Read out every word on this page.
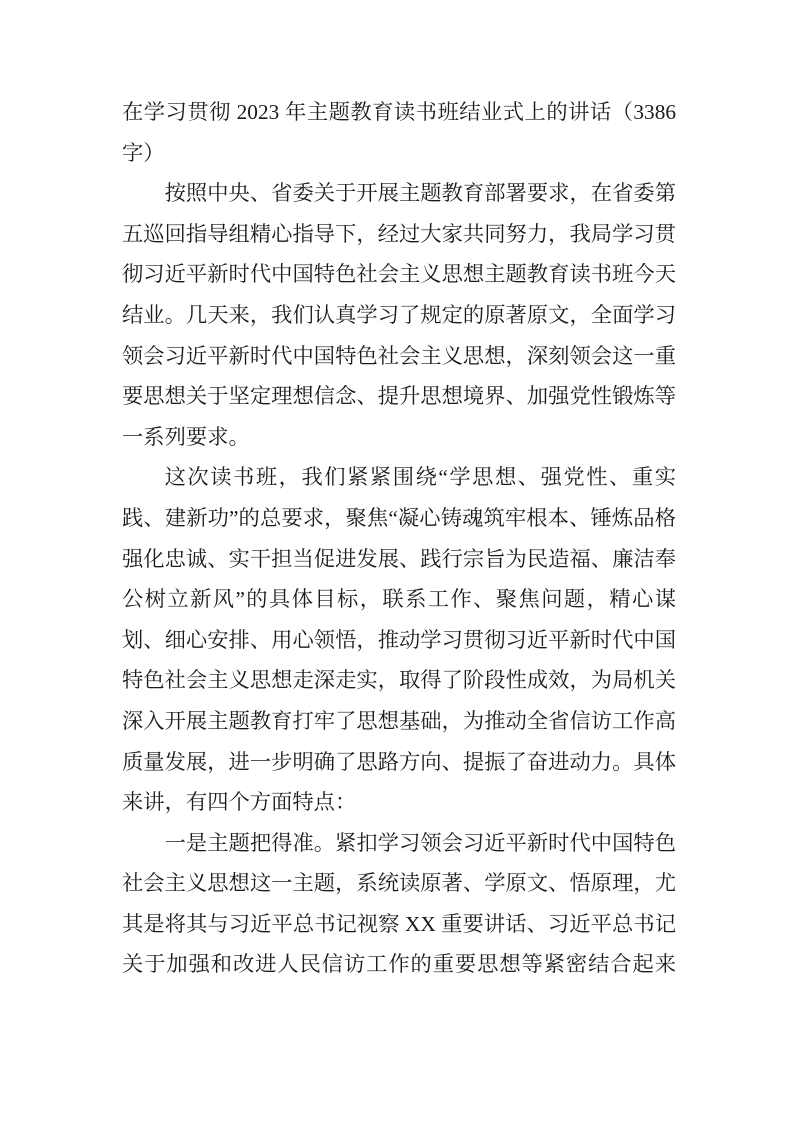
在学习贯彻 2023 年主题教育读书班结业式上的讲话（3386 字）

按照中央、省委关于开展主题教育部署要求，在省委第五巡回指导组精心指导下，经过大家共同努力，我局学习贯彻习近平新时代中国特色社会主义思想主题教育读书班今天结业。几天来，我们认真学习了规定的原著原文，全面学习领会习近平新时代中国特色社会主义思想，深刻领会这一重要思想关于坚定理想信念、提升思想境界、加强党性锻炼等一系列要求。

这次读书班，我们紧紧围绕“学思想、强党性、重实践、建新功”的总要求，聚焦“凝心铸魂筑牢根本、锤炼品格强化忠诚、实干担当促进发展、践行宗旨为民造福、廉洁奉公树立新风”的具体目标，联系工作、聚焦问题，精心谋划、细心安排、用心领悟，推动学习贯彻习近平新时代中国特色社会主义思想走深走实，取得了阶段性成效，为局机关深入开展主题教育打牢了思想基础，为推动全省信访工作高质量发展，进一步明确了思路方向、提振了奋进动力。具体来讲，有四个方面特点：

一是主题把得准。紧扣学习领会习近平新时代中国特色社会主义思想这一主题，系统读原著、学原文、悟原理，尤其是将其与习近平总书记视察 XX 重要讲话、习近平总书记关于加强和改进人民信访工作的重要思想等紧密结合起来
